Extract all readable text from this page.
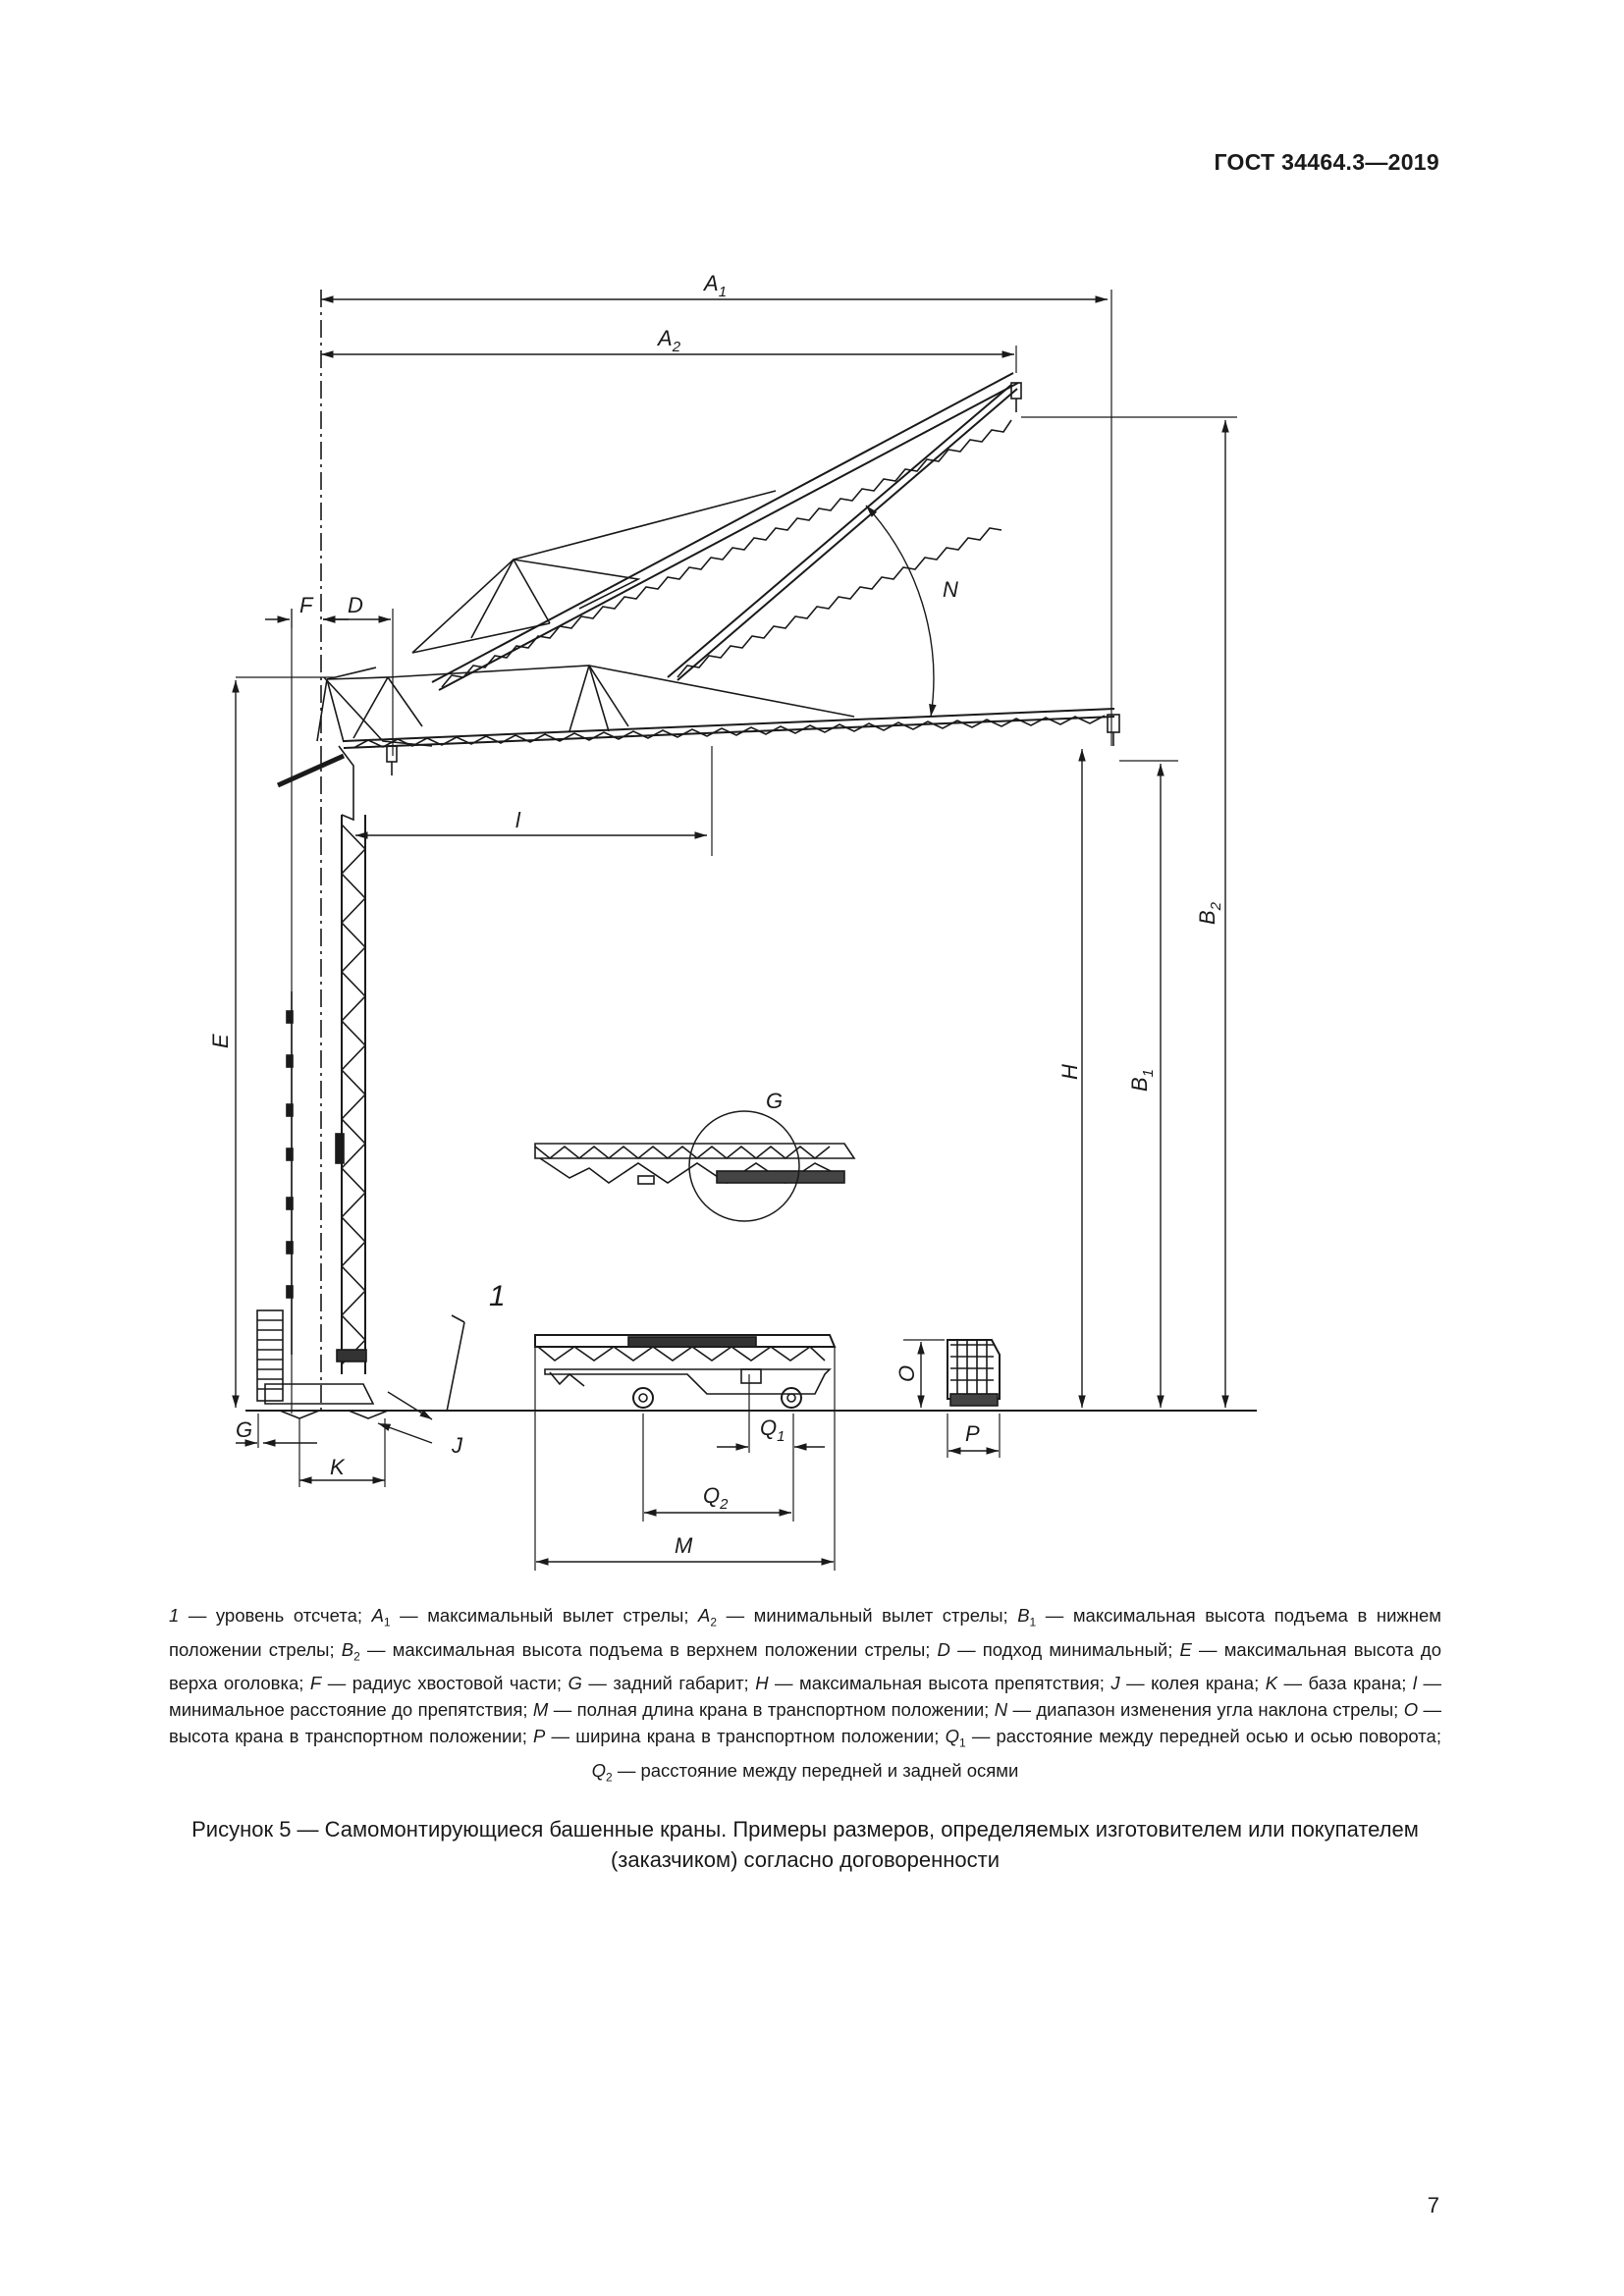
ГОСТ 34464.3—2019
$A_1$
$A_2$
F D
N
l
E
H
$B_1$
$B_2$
G
1
G
K
J
$Q_1$
$Q_2$
M
O
P
1 — уровень отсчета; $A_1$ — максимальный вылет стрелы; $A_2$ — минимальный вылет стрелы; $B_1$ — максимальная высота подъема в нижнем положении стрелы; $B_2$ — максимальная высота подъема в верхнем положении стрелы; D — подход минимальный; E — максимальная высота до верха оголовка; F — радиус хвостовой части; G — задний габарит; H — максимальная высота препятствия; J — колея крана; K — база крана; l — минимальное расстояние до препятствия; M — полная длина крана в транспортном положении; N — диапазон изменения угла наклона стрелы; O — высота крана в транспортном положении; P — ширина крана в транспортном положении; $Q_1$ — расстояние между передней осью и осью поворота; $Q_2$ — расстояние между передней и задней осями
Рисунок 5 — Самомонтирующиеся башенные краны. Примеры размеров, определяемых изготовителем или покупателем (заказчиком) согласно договоренности
7
